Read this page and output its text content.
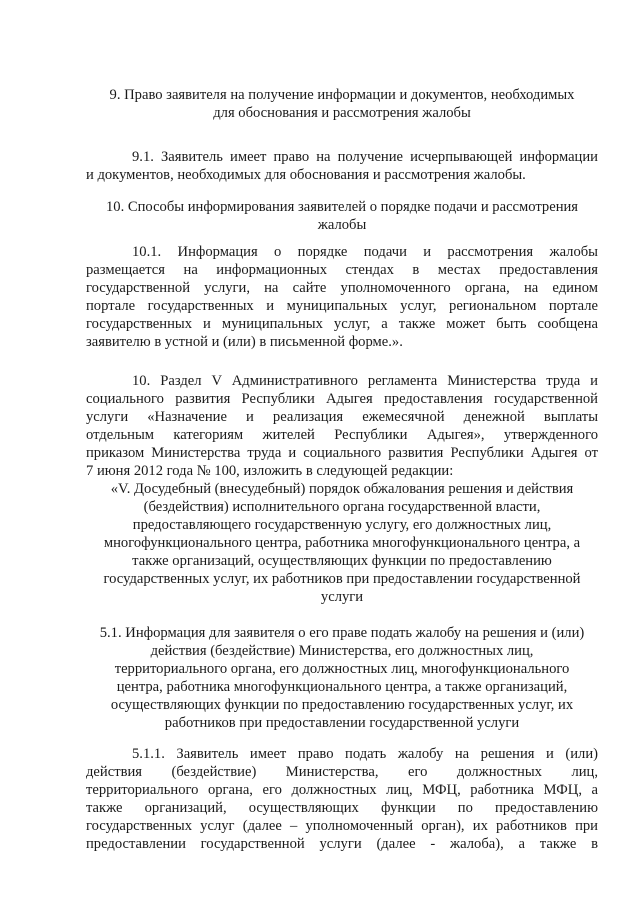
9. Право заявителя на получение информации и документов, необходимых
для обоснования и рассмотрения жалобы
9.1. Заявитель имеет право на получение исчерпывающей информации
и документов, необходимых для обоснования и рассмотрения жалобы.
10. Способы информирования заявителей о порядке подачи и рассмотрения
жалобы
10.1. Информация о порядке подачи и рассмотрения жалобы
размещается на информационных стендах в местах предоставления
государственной услуги, на сайте уполномоченного органа, на едином
портале государственных и муниципальных услуг, региональном портале
государственных и муниципальных услуг, а также может быть сообщена
заявителю в устной и (или) в письменной форме.».
10. Раздел V Административного регламента Министерства труда и
социального развития Республики Адыгея предоставления государственной
услуги «Назначение и реализация ежемесячной денежной выплаты
отдельным категориям жителей Республики Адыгея», утвержденного
приказом Министерства труда и социального развития Республики Адыгея от
7 июня 2012 года № 100, изложить в следующей редакции:
«V. Досудебный (внесудебный) порядок обжалования решения и действия
(бездействия) исполнительного органа государственной власти,
предоставляющего государственную услугу, его должностных лиц,
многофункционального центра, работника многофункционального центра, а
также организаций, осуществляющих функции по предоставлению
государственных услуг, их работников при предоставлении государственной
услуги
5.1. Информация для заявителя о его праве подать жалобу на решения и (или)
действия (бездействие) Министерства, его должностных лиц,
территориального органа, его должностных лиц, многофункционального
центра, работника многофункционального центра, а также организаций,
осуществляющих функции по предоставлению государственных услуг, их
работников при предоставлении государственной услуги
5.1.1. Заявитель имеет право подать жалобу на решения и (или)
действия (бездействие) Министерства, его должностных лиц,
территориального органа, его должностных лиц, МФЦ, работника МФЦ, а
также организаций, осуществляющих функции по предоставлению
государственных услуг (далее – уполномоченный орган), их работников при
предоставлении государственной услуги (далее - жалоба), а также в
